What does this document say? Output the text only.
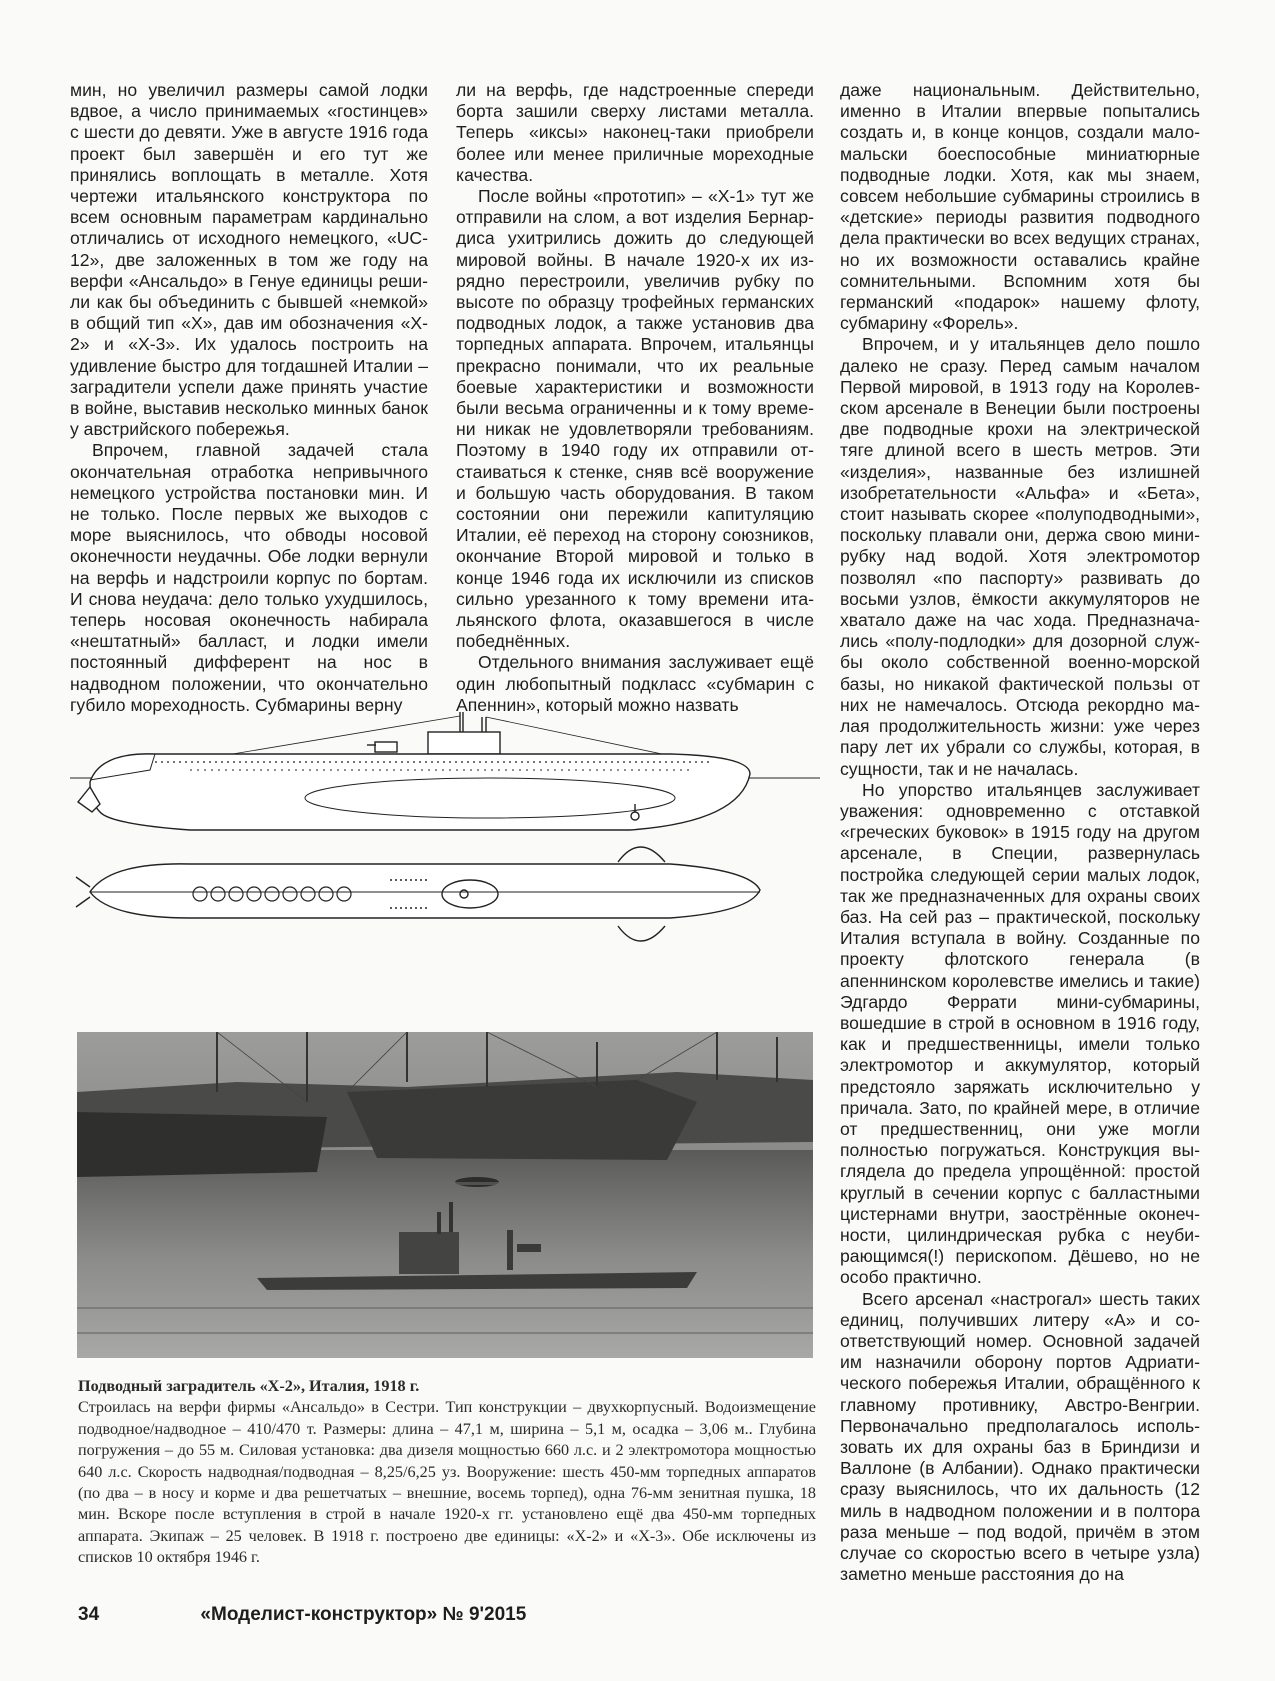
мин, но увеличил размеры самой лодки вдвое, а число принимаемых «гостинцев» с шести до девяти. Уже в августе 1916 года проект был завершён и его тут же принялись воплощать в металле. Хотя чертежи итальянского конструктора по всем основным параметрам кардинально отличались от исходного немецкого, «UC-12», две заложенных в том же году на верфи «Ансальдо» в Генуе единицы решили как бы объединить с бывшей «немкой» в общий тип «X», дав им обозначения «X-2» и «X-3». Их удалось построить на удивление быстро для тогдашней Италии – заградители успели даже принять участие в войне, выставив несколько минных банок у австрийского побережья.

Впрочем, главной задачей стала окончательная отработка непривычного немецкого устройства постановки мин. И не только. После первых же выходов с море выяснилось, что обводы носовой оконечности неудачны. Обе лодки вернули на верфь и надстроили корпус по бортам. И снова неудача: дело только ухудшилось, теперь носовая оконечность набирала «нештатный» балласт, и лодки имели постоянный дифферент на нос в надводном положении, что окончательно губило мореходность. Субмарины верну

ли на верфь, где надстроенные спереди борта зашили сверху листами металла. Теперь «иксы» наконец-таки приобрели более или менее приличные мореходные качества.

После войны «прототип» – «X-1» тут же отправили на слом, а вот изделия Бернардиса ухитрились дожить до следующей мировой войны. В начале 1920-х их изрядно перестроили, увеличив рубку по высоте по образцу трофейных германских подводных лодок, а также установив два торпедных аппарата. Впрочем, итальянцы прекрасно понимали, что их реальные боевые характеристики и возможности были весьма ограниченны и к тому времени никак не удовлетворяли требованиям. Поэтому в 1940 году их отправили отстаиваться к стенке, сняв всё вооружение и большую часть оборудования. В таком состоянии они пережили капитуляцию Италии, её переход на сторону союзников, окончание Второй мировой и только в конце 1946 года их исключили из списков сильно урезанного к тому времени итальянского флота, оказавшегося в числе победнённых.

Отдельного внимания заслуживает ещё один любопытный подкласс «субмарин с Апеннин», который можно назвать

даже национальным. Действительно, именно в Италии впервые попытались создать и, в конце концов, создали маломальски боеспособные миниатюрные подводные лодки. Хотя, как мы знаем, совсем небольшие субмарины строились в «детские» периоды развития подводного дела практически во всех ведущих странах, но их возможности оставались крайне сомнительными. Вспомним хотя бы германский «подарок» нашему флоту, субмарину «Форель».

Впрочем, и у итальянцев дело пошло далеко не сразу. Перед самым началом Первой мировой, в 1913 году на Королевском арсенале в Венеции были построены две подводные крохи на электрической тяге длиной всего в шесть метров. Эти «изделия», названные без излишней изобретательности «Альфа» и «Бета», стоит называть скорее «полуподводными», поскольку плавали они, держа свою мини-рубку над водой. Хотя электромотор позволял «по паспорту» развивать до восьми узлов, ёмкости аккумуляторов не хватало даже на час хода. Предназначались «полу-подлодки» для дозорной службы около собственной военно-морской базы, но никакой фактической пользы от них не намечалось. Отсюда рекордно малая продолжительность жизни: уже через пару лет их убрали со службы, которая, в сущности, так и не началась.

Но упорство итальянцев заслуживает уважения: одновременно с отставкой «греческих буковок» в 1915 году на другом арсенале, в Специи, развернулась постройка следующей серии малых лодок, так же предназначенных для охраны своих баз. На сей раз – практической, поскольку Италия вступала в войну. Созданные по проекту флотского генерала (в апеннинском королевстве имелись и такие) Эдгардо Феррати мини-субмарины, вошедшие в строй в основном в 1916 году, как и предшественницы, имели только электромотор и аккумулятор, который предстояло заряжать исключительно у причала. Зато, по крайней мере, в отличие от предшественниц, они уже могли полностью погружаться. Конструкция выглядела до предела упрощённой: простой круглый в сечении корпус с балластными цистернами внутри, заострённые оконечности, цилиндрическая рубка с неубирающимся(!) перископом. Дёшево, но не особо практично.

Всего арсенал «настрогал» шесть таких единиц, получивших литеру «А» и соответствующий номер. Основной задачей им назначили оборону портов Адриатического побережья Италии, обращённого к главному противнику, Австро-Венгрии. Первоначально предполагалось использовать их для охраны баз в Бриндизи и Валлоне (в Албании). Однако практически сразу выяснилось, что их дальность (12 миль в надводном положении и в полтора раза меньше – под водой, причём в этом случае со скоростью всего в четыре узла) заметно меньше расстояния до на

Подводный заградитель «Х-2», Италия, 1918 г.
Строилась на верфи фирмы «Ансальдо» в Сестри. Тип конструкции – двухкорпусный. Водоизмещение подводное/надводное – 410/470 т. Размеры: длина – 47,1 м, ширина – 5,1 м, осадка – 3,06 м.. Глубина погружения – до 55 м. Силовая установка: два дизеля мощностью 660 л.с. и 2 электромотора мощностью 640 л.с. Скорость надводная/подводная – 8,25/6,25 уз. Вооружение: шесть 450-мм торпедных аппаратов (по два – в носу и корме и два решетчатых – внешние, восемь торпед), одна 76-мм зенитная пушка, 18 мин. Вскоре после вступления в строй в начале 1920-х гг. установлено ещё два 450-мм торпедных аппарата. Экипаж – 25 человек. В 1918 г. построено две единицы: «Х-2» и «Х-3». Обе исключены из списков 10 октября 1946 г.
34	«Моделист-конструктор» № 9'2015
